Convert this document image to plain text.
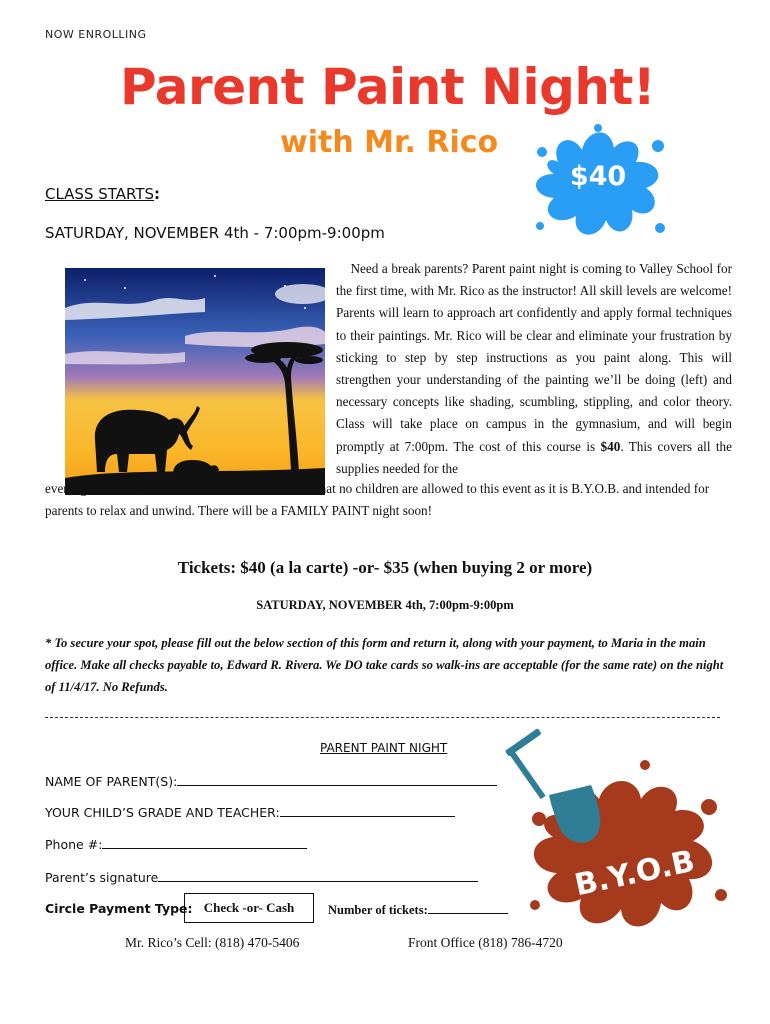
NOW ENROLLING
Parent Paint Night!
with Mr. Rico
$40
CLASS STARTS:
SATURDAY, NOVEMBER 4th - 7:00pm-9:00pm

Need a break parents? Parent paint night is coming to Valley School for the first time, with Mr. Rico as the instructor! All skill levels are welcome! Parents will learn to approach art confidently and apply formal techniques to their paintings. Mr. Rico will be clear and eliminate your frustration by sticking to step by step instructions as you paint along. This will strengthen your understanding of the painting we’ll be doing (left) and necessary concepts like shading, scumbling, stippling, and color theory. Class will take place on campus in the gymnasium, and will begin promptly at 7:00pm. The cost of this course is $40. This covers all the supplies needed for the

evening and two hours of art direction. Please note that no children are allowed to this event as it is B.Y.O.B. and intended for parents to relax and unwind. There will be a FAMILY PAINT night soon!
Tickets: $40 (a la carte) -or- $35 (when buying 2 or more)
SATURDAY, NOVEMBER 4th, 7:00pm-9:00pm
* To secure your spot, please fill out the below section of this form and return it, along with your payment, to Maria in the main office. Make all checks payable to, Edward R. Rivera. We DO take cards so walk-ins are acceptable (for the same rate) on the night of 11/4/17. No Refunds.
PARENT PAINT NIGHT
NAME OF PARENT(S):
YOUR CHILD’S GRADE AND TEACHER:
Phone #:
Parent’s signature
Circle Payment Type: Check -or- Cash	Number of tickets:
Mr. Rico’s Cell: (818) 470-5406	Front Office (818) 786-4720
B.Y.O.B
